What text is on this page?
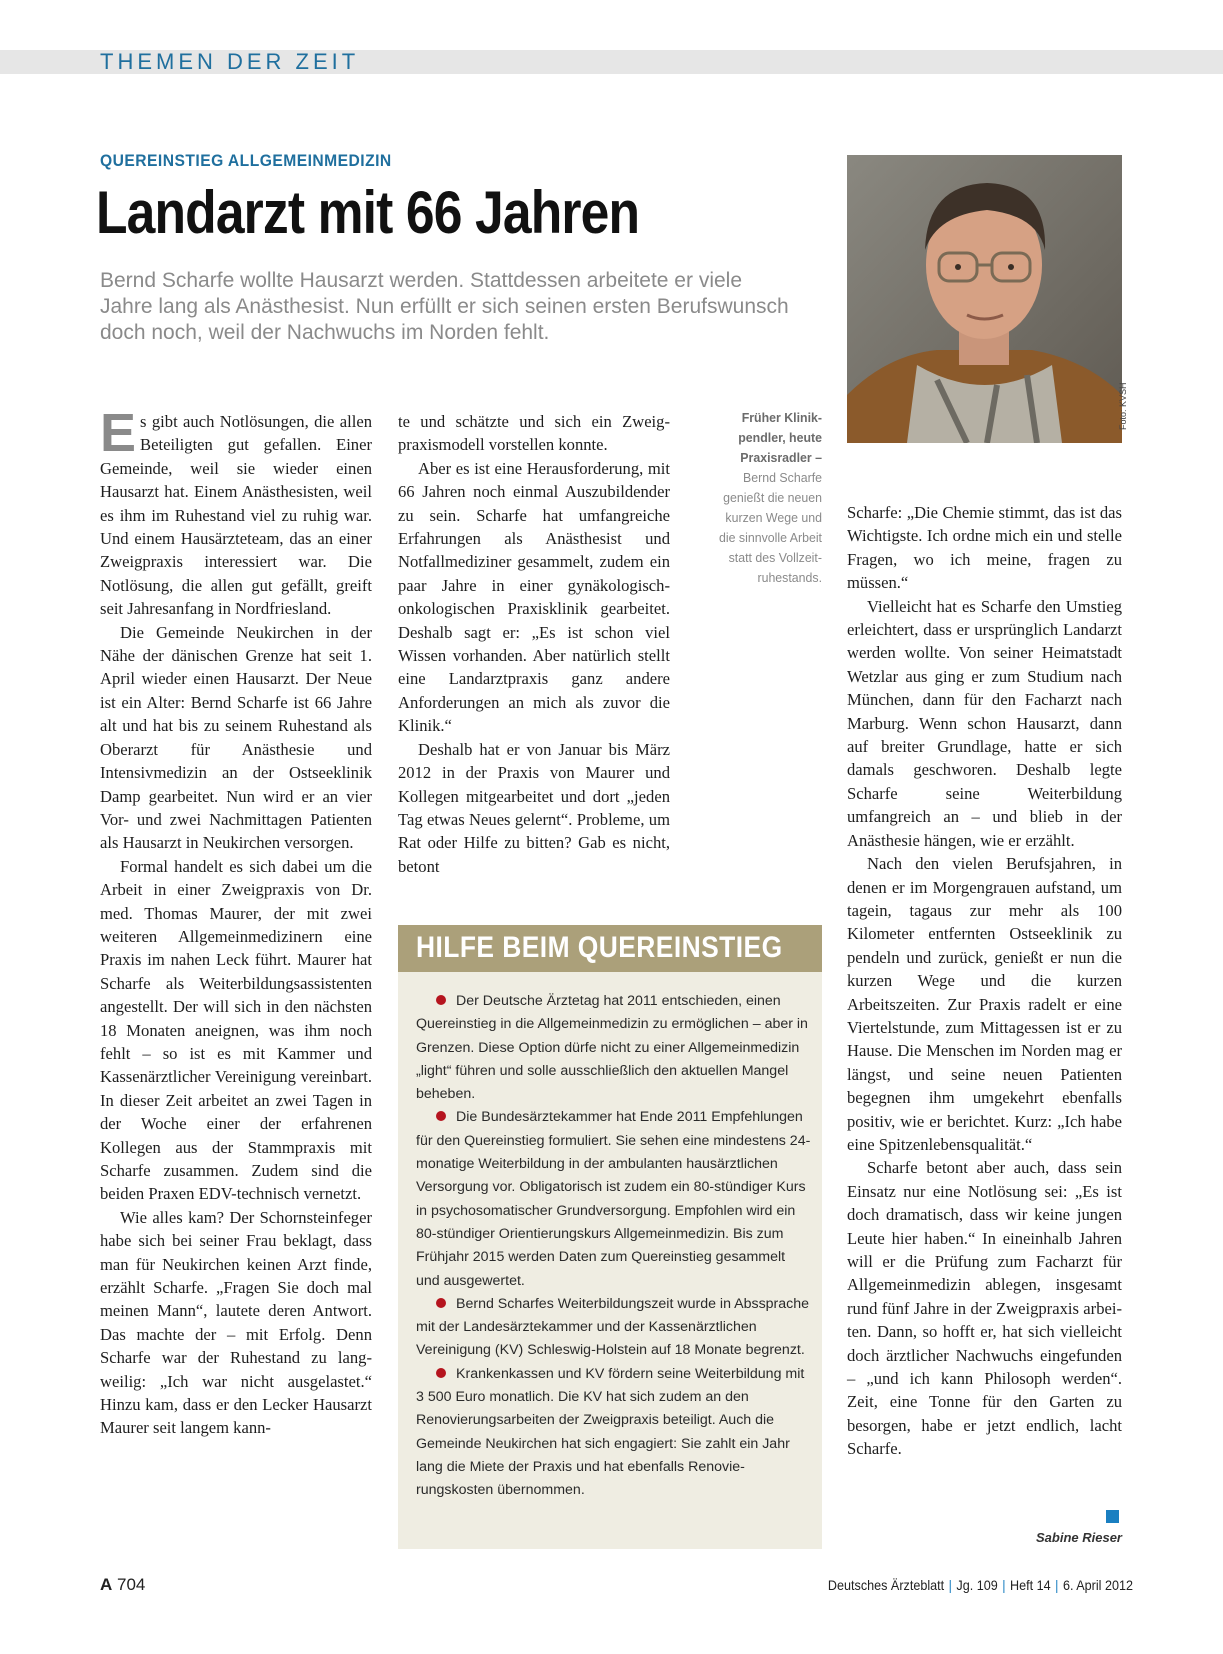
THEMEN DER ZEIT
QUEREINSTIEG ALLGEMEINMEDIZIN
Landarzt mit 66 Jahren
Bernd Scharfe wollte Hausarzt werden. Stattdessen arbeitete er viele Jahre lang als Anästhesist. Nun erfüllt er sich seinen ersten Berufswunsch doch noch, weil der Nachwuchs im Norden fehlt.
Foto: KVSH

Es gibt auch Notlösungen, die allen Beteiligten gut gefallen. Einer Gemeinde, weil sie wieder einen Hausarzt hat. Einem Anästhesisten, weil es ihm im Ruhestand viel zu ruhig war. Und einem Hausärzteteam, das an einer Zweigpraxis interessiert war. Die Notlösung, die allen gut gefällt, greift seit Jahresanfang in Nordfriesland.

Die Gemeinde Neukirchen in der Nähe der dänischen Grenze hat seit 1. April wieder einen Hausarzt. Der Neue ist ein Alter: Bernd Scharfe ist 66 Jahre alt und hat bis zu seinem Ruhestand als Oberarzt für Anästhesie und Intensivmedizin an der Ostseeklinik Damp gearbeitet. Nun wird er an vier Vor- und zwei Nachmittagen Patienten als Hausarzt in Neukirchen versorgen.

Formal handelt es sich dabei um die Arbeit in einer Zweigpraxis von Dr. med. Thomas Maurer, der mit zwei weiteren Allgemeinmedizinern eine Praxis im nahen Leck führt. Maurer hat Scharfe als Weiterbildungsassistenten angestellt. Der will sich in den nächsten 18 Monaten aneignen, was ihm noch fehlt – so ist es mit Kammer und Kassenärztlicher Vereinigung vereinbart. In dieser Zeit arbeitet an zwei Tagen in der Woche einer der erfahrenen Kollegen aus der Stammpraxis mit Scharfe zusammen. Zudem sind die beiden Praxen EDV-technisch vernetzt.

Wie alles kam? Der Schornsteinfeger habe sich bei seiner Frau beklagt, dass man für Neukirchen keinen Arzt finde, erzählt Scharfe. „Fragen Sie doch mal meinen Mann“, lautete deren Antwort. Das machte der – mit Erfolg. Denn Scharfe war der Ruhestand zu langweilig: „Ich war nicht ausgelastet.“ Hinzu kam, dass er den Lecker Hausarzt Maurer seit langem kann-

te und schätzte und sich ein Zweigpraxismodell vorstellen konnte.

Aber es ist eine Herausforderung, mit 66 Jahren noch einmal Auszubildender zu sein. Scharfe hat umfangreiche Erfahrungen als Anästhesist und Notfallmediziner gesammelt, zudem ein paar Jahre in einer gynäkologisch-onkologischen Praxisklinik gearbeitet. Deshalb sagt er: „Es ist schon viel Wissen vorhanden. Aber natürlich stellt eine Landarztpraxis ganz andere Anforderungen an mich als zuvor die Klinik.“

Deshalb hat er von Januar bis März 2012 in der Praxis von Maurer und Kollegen mitgearbeitet und dort „jeden Tag etwas Neues gelernt“. Probleme, um Rat oder Hilfe zu bitten? Gab es nicht, betont

Früher Klinikpendler, heute Praxisradler – Bernd Scharfe genießt die neuen kurzen Wege und die sinnvolle Arbeit statt des Vollzeitruhestands.
HILFE BEIM QUEREINSTIEG

Der Deutsche Ärztetag hat 2011 entschieden, einen Quereinstieg in die Allgemeinmedizin zu ermöglichen – aber in Grenzen. Diese Option dürfe nicht zu einer Allgemeinmedizin „light“ führen und solle ausschließlich den aktuellen Mangel beheben.

Die Bundesärztekammer hat Ende 2011 Empfehlungen für den Quereinstieg formuliert. Sie sehen eine mindestens 24-monatige Weiterbildung in der ambulanten hausärztlichen Versorgung vor. Obligatorisch ist zudem ein 80-stündiger Kurs in psychosomatischer Grundversorgung. Empfohlen wird ein 80-stündiger Orientierungskurs Allgemeinmedizin. Bis zum Frühjahr 2015 werden Daten zum Quereinstieg gesammelt und ausgewertet.

Bernd Scharfes Weiterbildungszeit wurde in Abssprache mit der Landesärztekammer und der Kassenärztlichen Vereinigung (KV) Schleswig-Holstein auf 18 Monate begrenzt.

Krankenkassen und KV fördern seine Weiterbildung mit 3 500 Euro monatlich. Die KV hat sich zudem an den Renovierungsarbeiten der Zweigpraxis beteiligt. Auch die Gemeinde Neukirchen hat sich engagiert: Sie zahlt ein Jahr lang die Miete der Praxis und hat ebenfalls Renovierungskosten übernommen.

Scharfe: „Die Chemie stimmt, das ist das Wichtigste. Ich ordne mich ein und stelle Fragen, wo ich meine, fragen zu müssen.“

Vielleicht hat es Scharfe den Umstieg erleichtert, dass er ursprünglich Landarzt werden wollte. Von seiner Heimatstadt Wetzlar aus ging er zum Studium nach München, dann für den Facharzt nach Marburg. Wenn schon Hausarzt, dann auf breiter Grundlage, hatte er sich damals geschworen. Deshalb legte Scharfe seine Weiterbildung umfangreich an – und blieb in der Anästhesie hängen, wie er erzählt.

Nach den vielen Berufsjahren, in denen er im Morgengrauen aufstand, um tagein, tagaus zur mehr als 100 Kilometer entfernten Ostseeklinik zu pendeln und zurück, genießt er nun die kurzen Wege und die kurzen Arbeitszeiten. Zur Praxis radelt er eine Viertelstunde, zum Mittagessen ist er zu Hause. Die Menschen im Norden mag er längst, und seine neuen Patienten begegnen ihm umgekehrt ebenfalls positiv, wie er berichtet. Kurz: „Ich habe eine Spitzenlebensqualität.“

Scharfe betont aber auch, dass sein Einsatz nur eine Notlösung sei: „Es ist doch dramatisch, dass wir keine jungen Leute hier haben.“ In eineinhalb Jahren will er die Prüfung zum Facharzt für Allgemeinmedizin ablegen, insgesamt rund fünf Jahre in der Zweigpraxis arbeiten. Dann, so hofft er, hat sich vielleicht doch ärztlicher Nachwuchs eingefunden – „und ich kann Philosoph werden“. Zeit, eine Tonne für den Garten zu besorgen, habe er jetzt endlich, lacht Scharfe.

Sabine Rieser
A 704	Deutsches Ärzteblatt | Jg. 109 | Heft 14 | 6. April 2012
